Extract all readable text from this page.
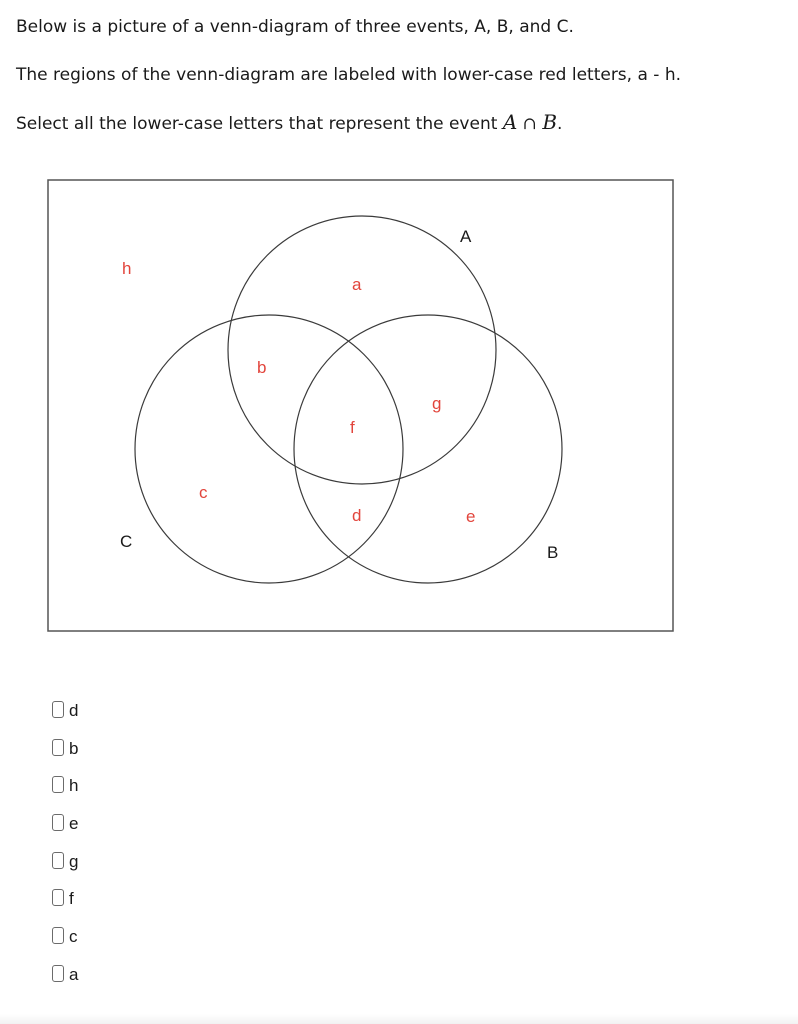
Below is a picture of a venn-diagram of three events, A, B, and C.
The regions of the venn-diagram are labeled with lower-case red letters, a - h.
Select all the lower-case letters that represent the event A ∩ B.
A
B
C
h
a
b
g
f
c
d	e
d
b
h
e
g
f
c
a
